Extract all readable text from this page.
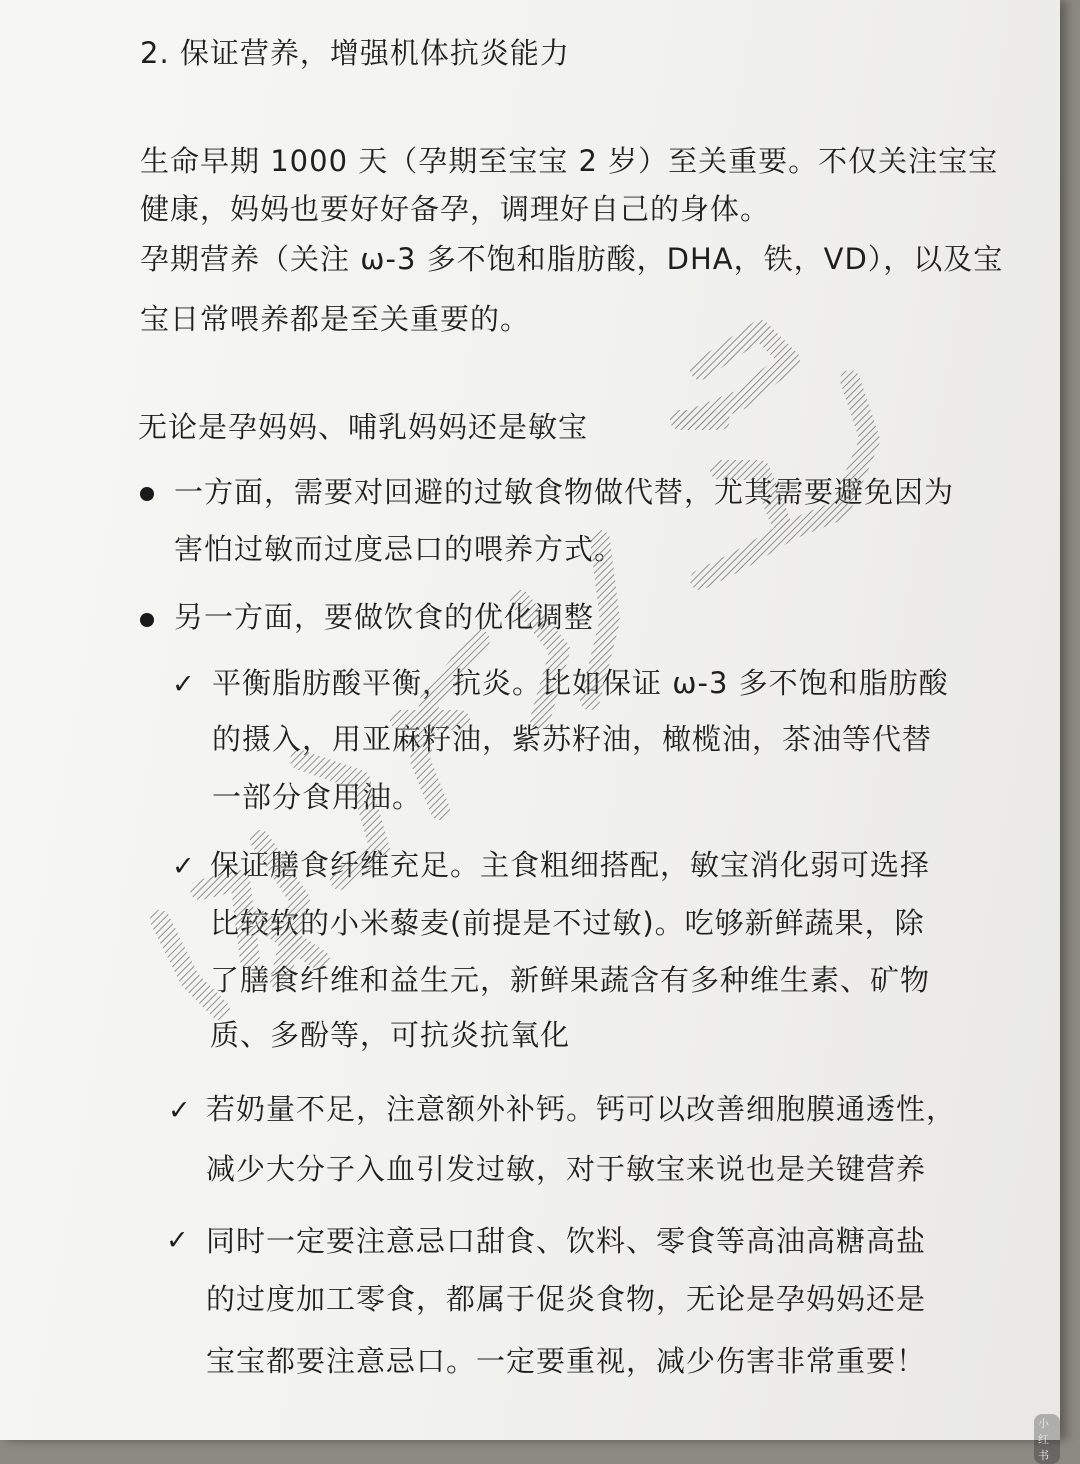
2. 保证营养，增强机体抗炎能力

生命早期 1000 天（孕期至宝宝 2 岁）至关重要。不仅关注宝宝

健康，妈妈也要好好备孕，调理好自己的身体。

孕期营养（关注 ω-3 多不饱和脂肪酸，DHA，铁，VD），以及宝

宝日常喂养都是至关重要的。

无论是孕妈妈、哺乳妈妈还是敏宝

一方面，需要对回避的过敏食物做代替，尤其需要避免因为

害怕过敏而过度忌口的喂养方式。

另一方面，要做饮食的优化调整

✓ 平衡脂肪酸平衡，抗炎。比如保证 ω-3 多不饱和脂肪酸

的摄入，用亚麻籽油，紫苏籽油，橄榄油，茶油等代替

一部分食用油。

✓ 保证膳食纤维充足。主食粗细搭配，敏宝消化弱可选择

比较软的小米藜麦(前提是不过敏)。吃够新鲜蔬果，除

了膳食纤维和益生元，新鲜果蔬含有多种维生素、矿物

质、多酚等，可抗炎抗氧化

✓ 若奶量不足，注意额外补钙。钙可以改善细胞膜通透性，

减少大分子入血引发过敏，对于敏宝来说也是关键营养

✓ 同时一定要注意忌口甜食、饮料、零食等高油高糖高盐

的过度加工零食，都属于促炎食物，无论是孕妈妈还是

宝宝都要注意忌口。一定要重视，减少伤害非常重要！

小红书
